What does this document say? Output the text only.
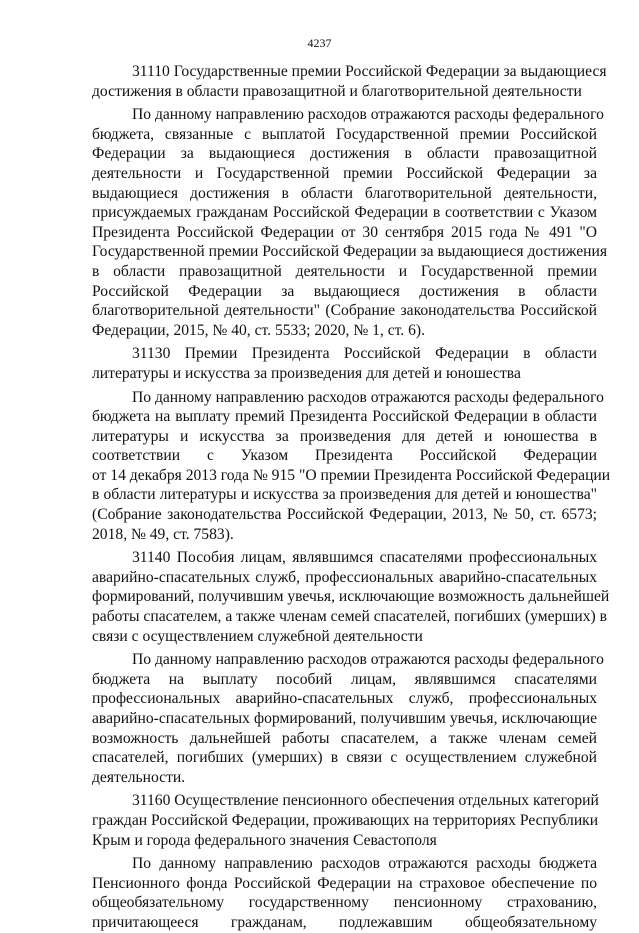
4237
31110 Государственные премии Российской Федерации за выдающиеся
достижения в области правозащитной и благотворительной деятельности
По данному направлению расходов отражаются расходы федерального
бюджета, связанные с выплатой Государственной премии Российской
Федерации за выдающиеся достижения в области правозащитной
деятельности и Государственной премии Российской Федерации за
выдающиеся достижения в области благотворительной деятельности,
присуждаемых гражданам Российской Федерации в соответствии с Указом
Президента Российской Федерации от 30 сентября 2015 года № 491 "О
Государственной премии Российской Федерации за выдающиеся достижения
в области правозащитной деятельности и Государственной премии
Российской Федерации за выдающиеся достижения в области
благотворительной деятельности" (Собрание законодательства Российской
Федерации, 2015, № 40, ст. 5533; 2020, № 1, ст. 6).
31130 Премии Президента Российской Федерации в области
литературы и искусства за произведения для детей и юношества
По данному направлению расходов отражаются расходы федерального
бюджета на выплату премий Президента Российской Федерации в области
литературы и искусства за произведения для детей и юношества в
соответствии с Указом Президента Российской Федерации
от 14 декабря 2013 года № 915 "О премии Президента Российской Федерации
в области литературы и искусства за произведения для детей и юношества"
(Собрание законодательства Российской Федерации, 2013, № 50, ст. 6573;
2018, № 49, ст. 7583).
31140 Пособия лицам, являвшимся спасателями профессиональных
аварийно-спасательных служб, профессиональных аварийно-спасательных
формирований, получившим увечья, исключающие возможность дальнейшей
работы спасателем, а также членам семей спасателей, погибших (умерших) в
связи с осуществлением служебной деятельности
По данному направлению расходов отражаются расходы федерального
бюджета на выплату пособий лицам, являвшимся спасателями
профессиональных аварийно-спасательных служб, профессиональных
аварийно-спасательных формирований, получившим увечья, исключающие
возможность дальнейшей работы спасателем, а также членам семей
спасателей, погибших (умерших) в связи с осуществлением служебной
деятельности.
31160 Осуществление пенсионного обеспечения отдельных категорий
граждан Российской Федерации, проживающих на территориях Республики
Крым и города федерального значения Севастополя
По данному направлению расходов отражаются расходы бюджета
Пенсионного фонда Российской Федерации на страховое обеспечение по
общеобязательному государственному пенсионному страхованию,
причитающееся гражданам, подлежавшим общеобязательному
